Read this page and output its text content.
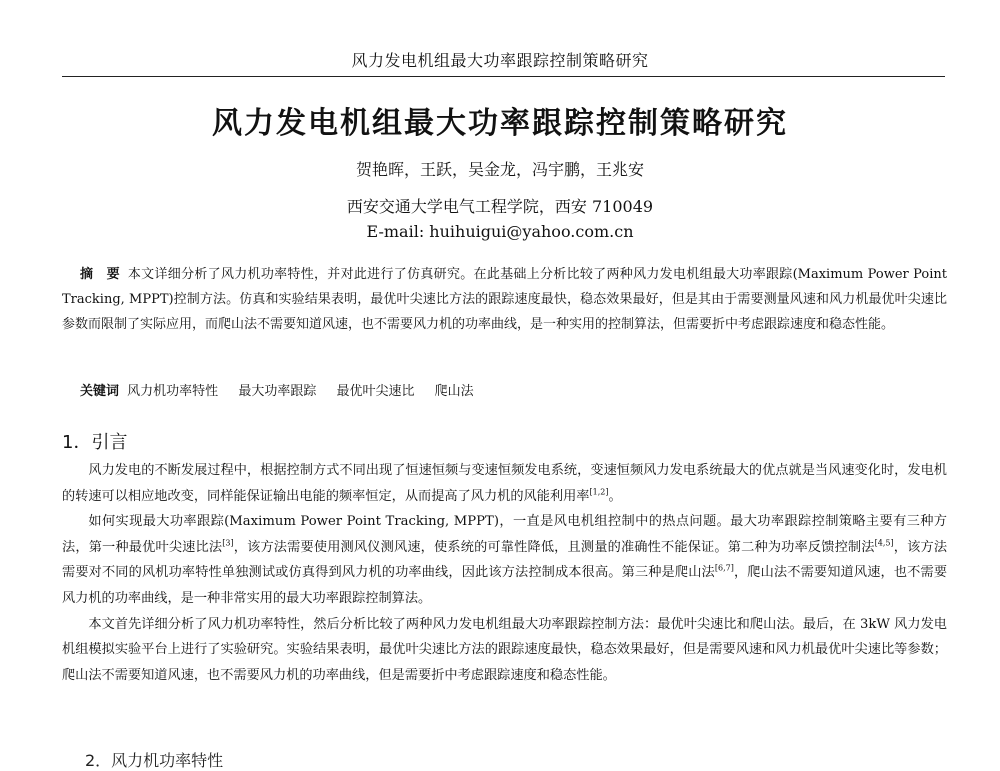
风力发电机组最大功率跟踪控制策略研究
风力发电机组最大功率跟踪控制策略研究
贺艳晖，王跃，吴金龙，冯宇鹏，王兆安
西安交通大学电气工程学院，西安 710049
E-mail: huihuigui@yahoo.com.cn
摘　要 本文详细分析了风力机功率特性，并对此进行了仿真研究。在此基础上分析比较了两种风力发电机组最大功率跟踪(Maximum Power Point Tracking, MPPT)控制方法。仿真和实验结果表明，最优叶尖速比方法的跟踪速度最快，稳态效果最好，但是其由于需要测量风速和风力机最优叶尖速比参数而限制了实际应用，而爬山法不需要知道风速，也不需要风力机的功率曲线，是一种实用的控制算法，但需要折中考虑跟踪速度和稳态性能。
关键词 风力机功率特性 最大功率跟踪 最优叶尖速比 爬山法
1．引言

风力发电的不断发展过程中，根据控制方式不同出现了恒速恒频与变速恒频发电系统，变速恒频风力发电系统最大的优点就是当风速变化时，发电机的转速可以相应地改变，同样能保证输出电能的频率恒定，从而提高了风力机的风能利用率[1,2]。

如何实现最大功率跟踪(Maximum Power Point Tracking, MPPT)，一直是风电机组控制中的热点问题。最大功率跟踪控制策略主要有三种方法，第一种最优叶尖速比法[3]，该方法需要使用测风仪测风速，使系统的可靠性降低，且测量的准确性不能保证。第二种为功率反馈控制法[4,5]，该方法需要对不同的风机功率特性单独测试或仿真得到风力机的功率曲线，因此该方法控制成本很高。第三种是爬山法[6,7]，爬山法不需要知道风速，也不需要风力机的功率曲线，是一种非常实用的最大功率跟踪控制算法。

本文首先详细分析了风力机功率特性，然后分析比较了两种风力发电机组最大功率跟踪控制方法：最优叶尖速比和爬山法。最后，在 3kW 风力发电机组模拟实验平台上进行了实验研究。实验结果表明，最优叶尖速比方法的跟踪速度最快，稳态效果最好，但是需要风速和风力机最优叶尖速比等参数；爬山法不需要知道风速，也不需要风力机的功率曲线，但是需要折中考虑跟踪速度和稳态性能。

2．风力机功率特性
